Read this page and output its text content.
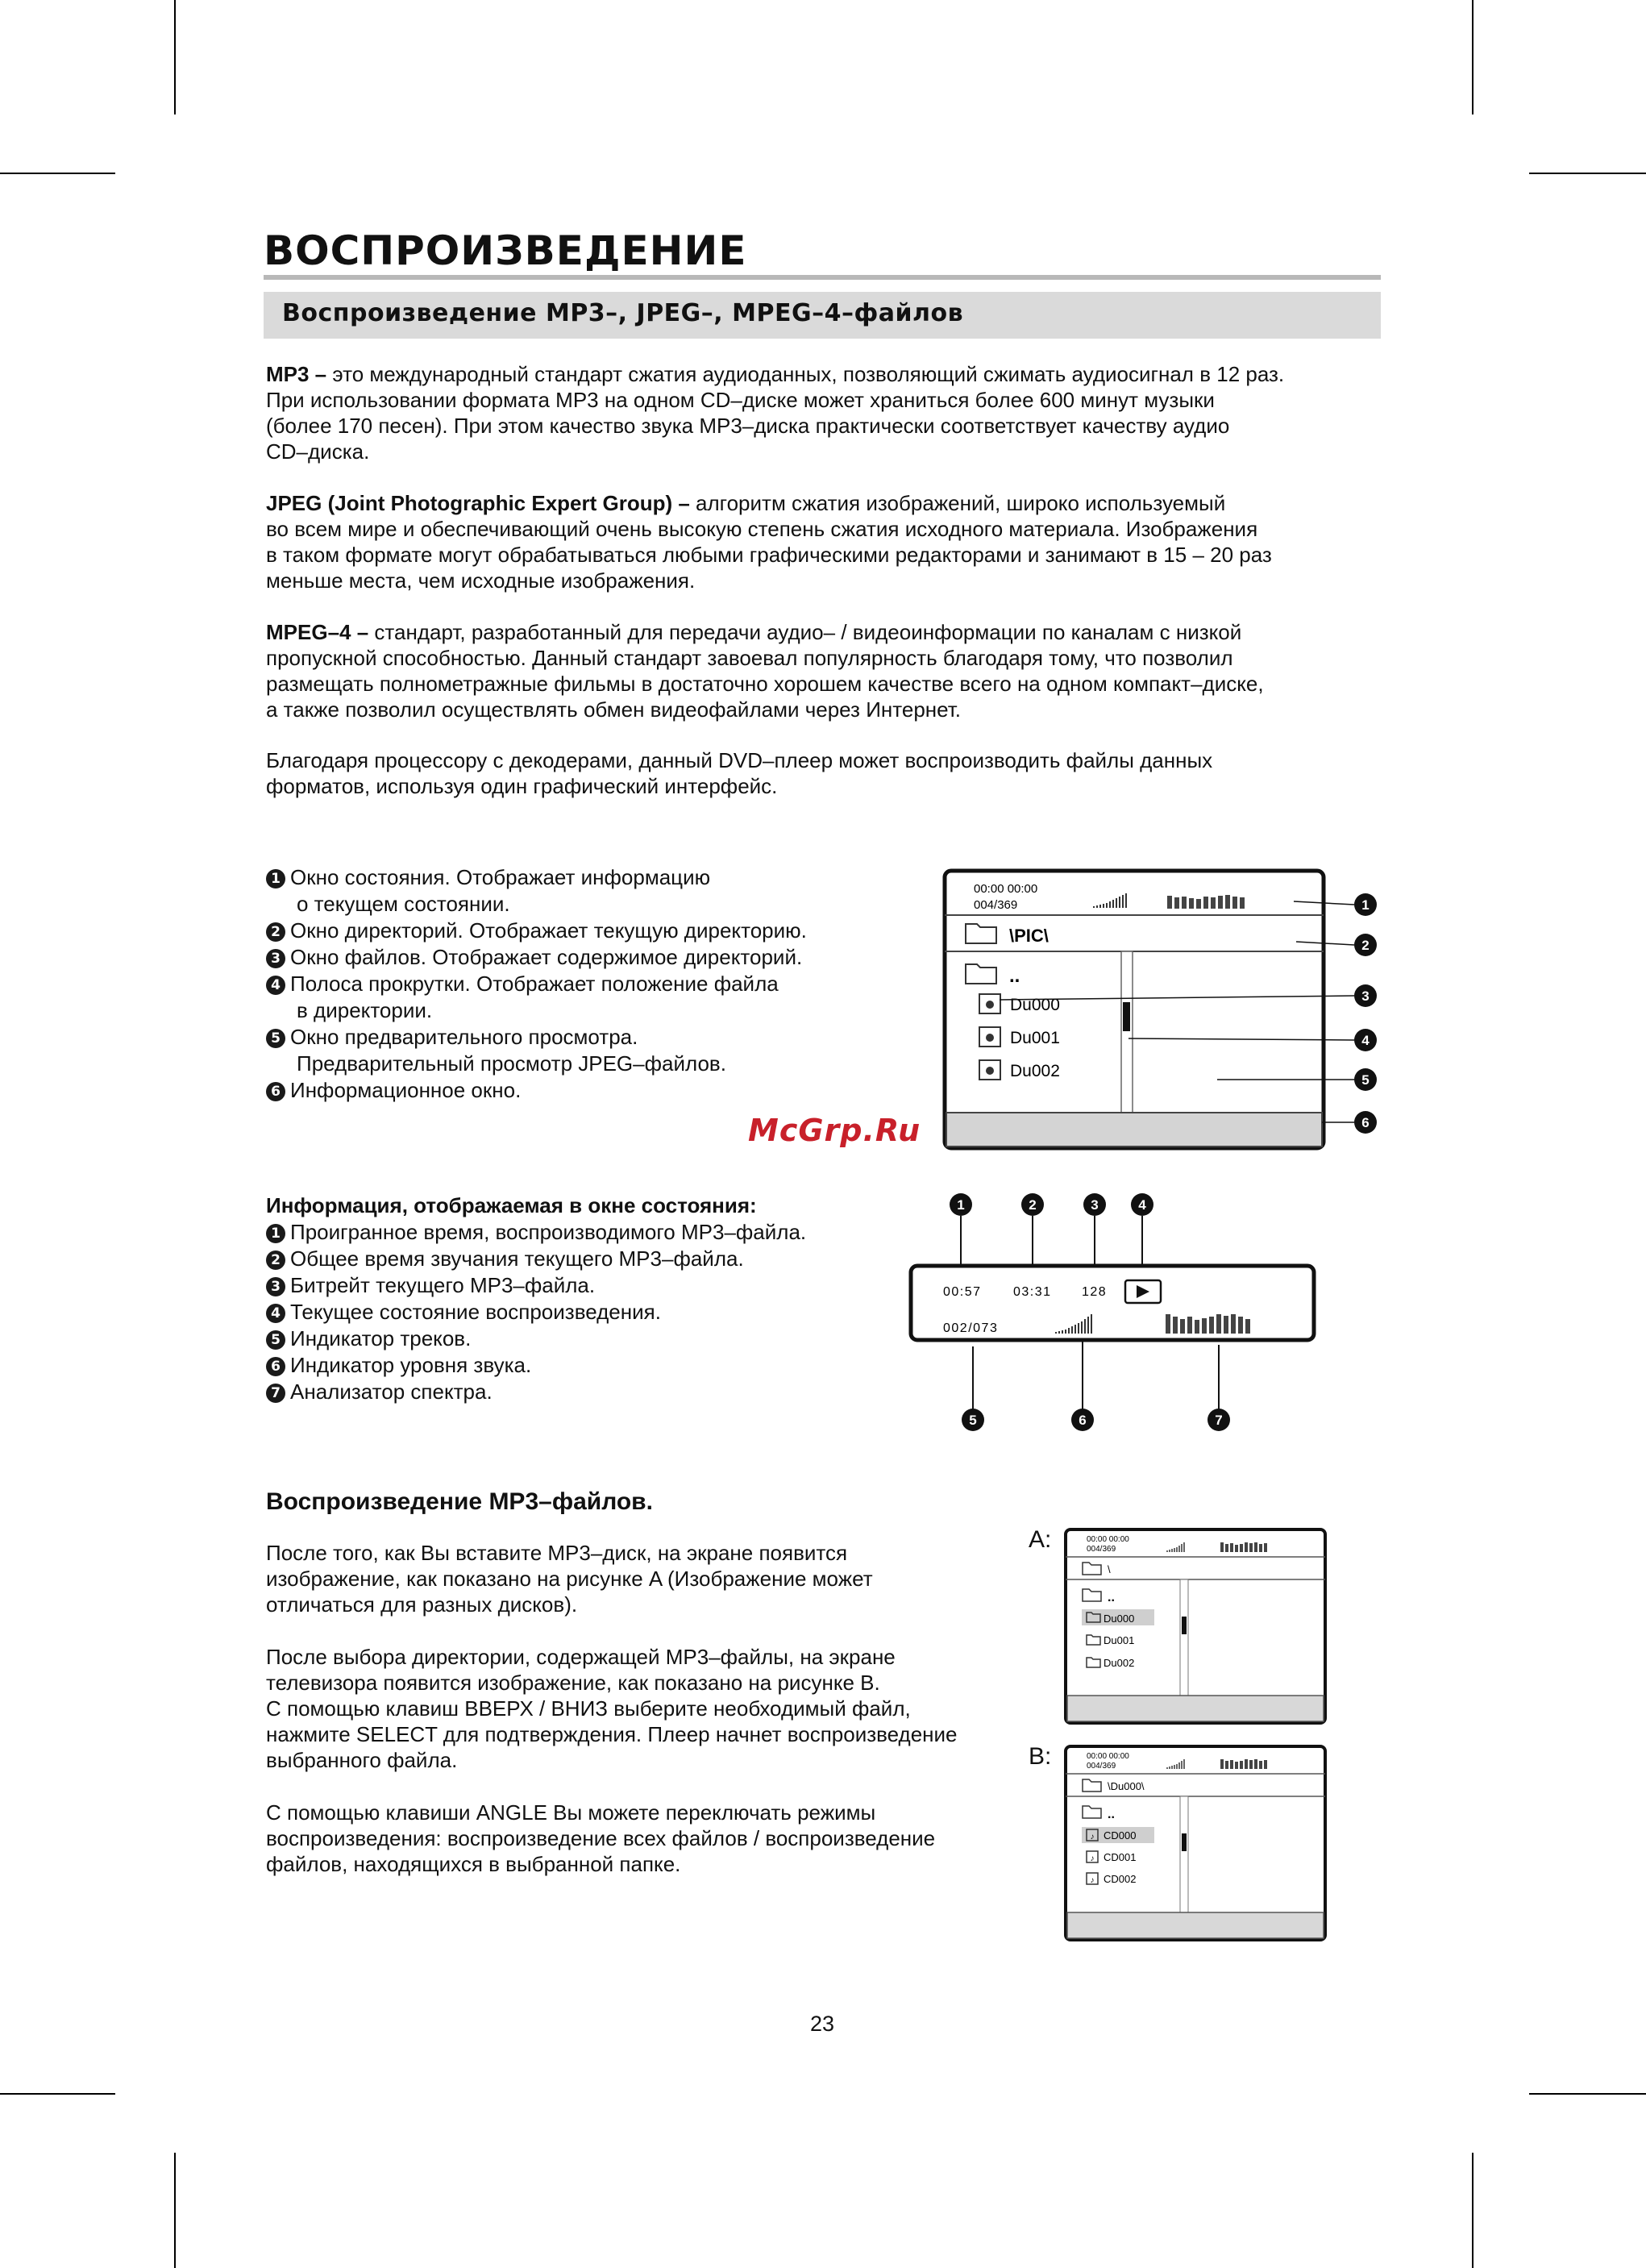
ВОСПРОИЗВЕДЕНИЕ
Воспроизведение MP3–, JPEG–, MPEG–4–файлов
MP3 – это международный стандарт сжатия аудиоданных, позволяющий сжимать аудиосигнал в 12 раз.
При использовании формата MP3 на одном CD–диске может храниться более 600 минут музыки
(более 170 песен). При этом качество звука MP3–диска практически соответствует качеству аудио
CD–диска.
JPEG (Joint Photographic Expert Group) – алгоритм сжатия изображений, широко используемый
во всем мире и обеспечивающий очень высокую степень сжатия исходного материала. Изображения
в таком формате могут обрабатываться любыми графическими редакторами и занимают в 15 – 20 раз
меньше места, чем исходные изображения.
MPEG–4 – стандарт, разработанный для передачи аудио– / видеоинформации по каналам с низкой
пропускной способностью. Данный стандарт завоевал популярность благодаря тому, что позволил
размещать полнометражные фильмы в достаточно хорошем качестве всего на одном компакт–диске,
а также позволил осуществлять обмен видеофайлами через Интернет.
Благодаря процессору с декодерами, данный DVD–плеер может воспроизводить файлы данных
форматов, используя один графический интерфейс.
1 Окно состояния. Отображает информацию
о текущем состоянии.
2 Окно директорий. Отображает текущую директорию.
3 Окно файлов. Отображает содержимое директорий.
4 Полоса прокрутки. Отображает положение файла
в директории.
5 Окно предварительного просмотра.
Предварительный просмотр JPEG–файлов.
6 Информационное окно.
00:00 00:00
004/369
\PIC\
..
Du000
Du001
Du002
1
2
3
4
5
6
McGrp.Ru
Информация, отображаемая в окне состояния:
1 Проигранное время, воспроизводимого MP3–файла.
2 Общее время звучания текущего MP3–файла.
3 Битрейт текущего MP3–файла.
4 Текущее состояние воспроизведения.
5 Индикатор треков.
6 Индикатор уровня звука.
7 Анализатор спектра.
1	2	3	4
00:57 03:31 128
002/073
5	6	7
Воспроизведение MP3–файлов.
После того, как Вы вставите MP3–диск, на экране появится
изображение, как показано на рисунке A (Изображение может
отличаться для разных дисков).
После выбора директории, содержащей MP3–файлы, на экране
телевизора появится изображение, как показано на рисунке B.
С помощью клавиш ВВЕРХ / ВНИЗ выберите необходимый файл,
нажмите SELECT для подтверждения. Плеер начнет воспроизведение
выбранного файла.
С помощью клавиши ANGLE Вы можете переключать режимы
воспроизведения: воспроизведение всех файлов / воспроизведение
файлов, находящихся в выбранной папке.
A:	00:00 00:00
004/369
\
..
Du000
Du001
Du002
B:	00:00 00:00
004/369
\Du000\
..
♪ CD000
♪ CD001
♪ CD002
23
